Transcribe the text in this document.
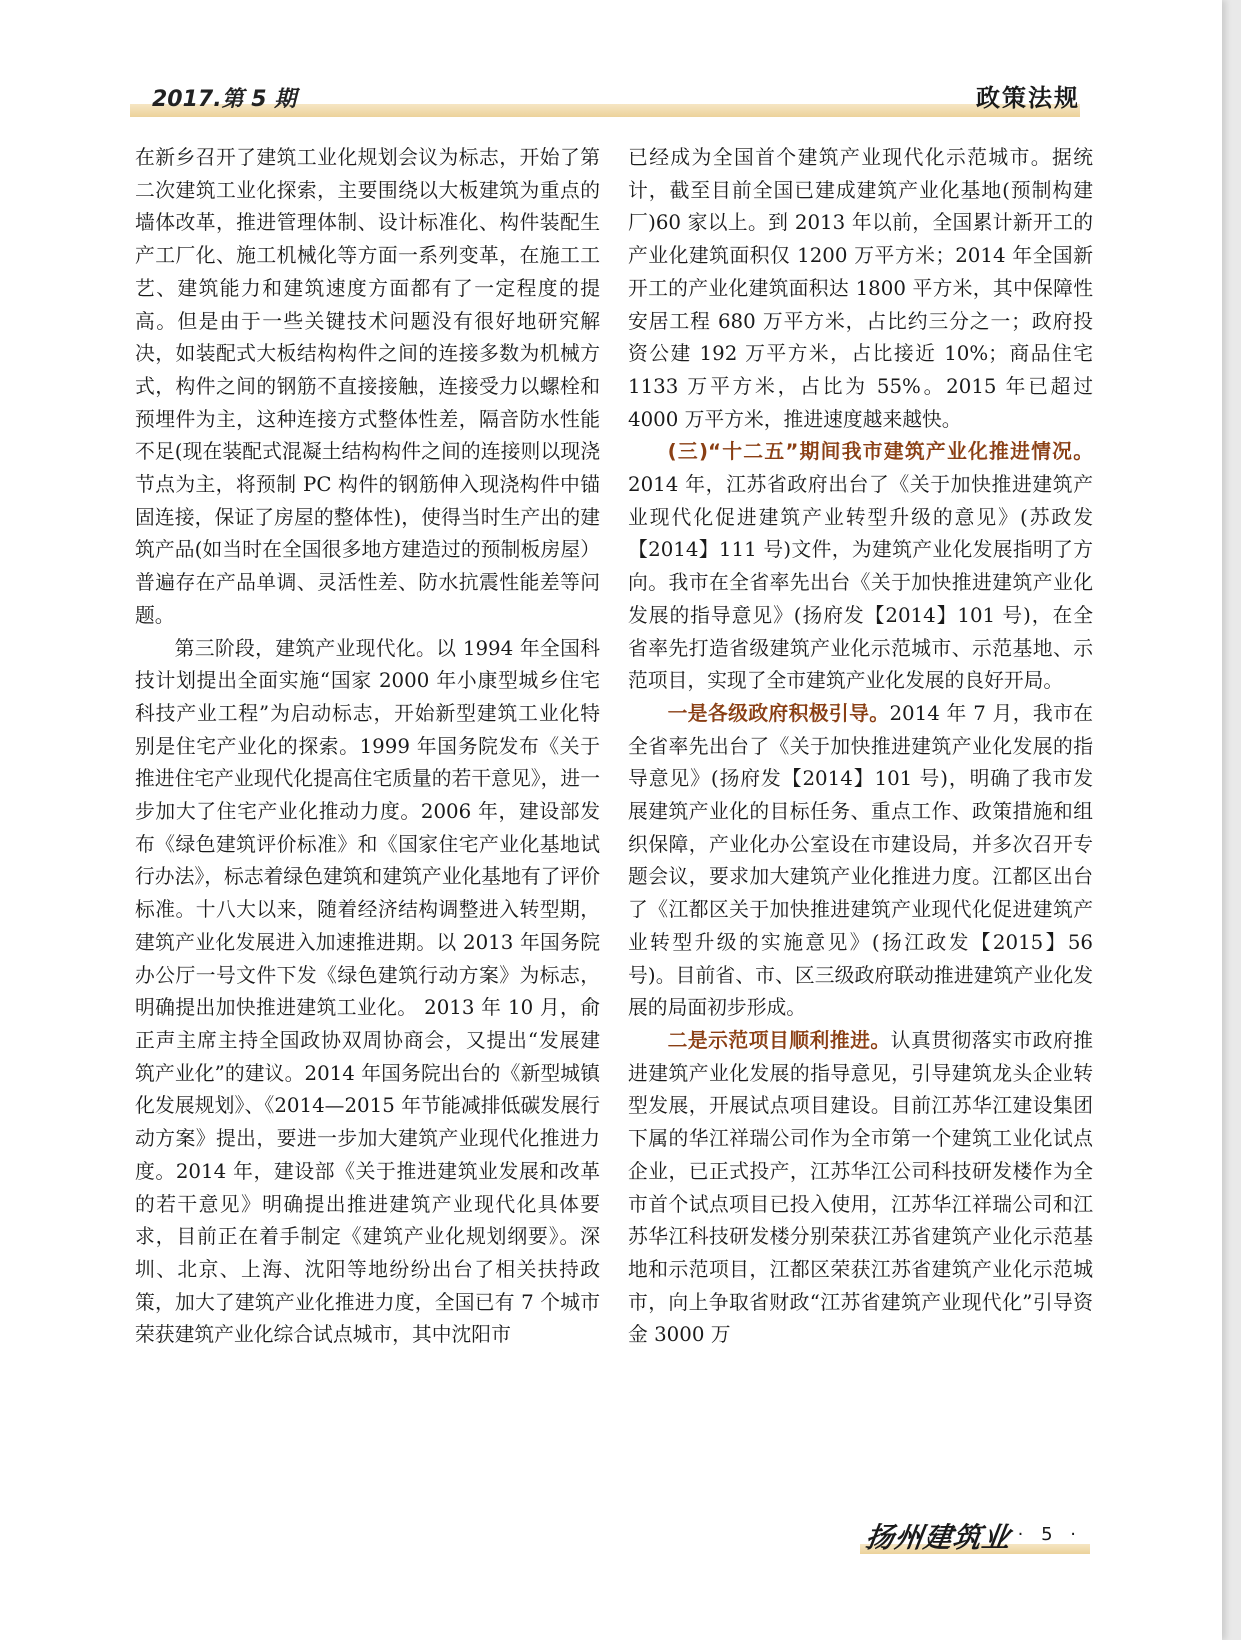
2017.第 5 期	政策法规

在新乡召开了建筑工业化规划会议为标志，开始了第二次建筑工业化探索，主要围绕以大板建筑为重点的墙体改革，推进管理体制、设计标准化、构件装配生产工厂化、施工机械化等方面一系列变革，在施工工艺、建筑能力和建筑速度方面都有了一定程度的提高。但是由于一些关键技术问题没有很好地研究解决，如装配式大板结构构件之间的连接多数为机械方式，构件之间的钢筋不直接接触，连接受力以螺栓和预埋件为主，这种连接方式整体性差，隔音防水性能不足(现在装配式混凝土结构构件之间的连接则以现浇节点为主，将预制 PC 构件的钢筋伸入现浇构件中锚固连接，保证了房屋的整体性)，使得当时生产出的建筑产品(如当时在全国很多地方建造过的预制板房屋）普遍存在产品单调、灵活性差、防水抗震性能差等问题。

第三阶段，建筑产业现代化。以 1994 年全国科技计划提出全面实施“国家 2000 年小康型城乡住宅科技产业工程”为启动标志，开始新型建筑工业化特别是住宅产业化的探索。1999 年国务院发布《关于推进住宅产业现代化提高住宅质量的若干意见》，进一步加大了住宅产业化推动力度。2006 年，建设部发布《绿色建筑评价标准》和《国家住宅产业化基地试行办法》，标志着绿色建筑和建筑产业化基地有了评价标准。十八大以来，随着经济结构调整进入转型期，建筑产业化发展进入加速推进期。以 2013 年国务院办公厅一号文件下发《绿色建筑行动方案》为标志，明确提出加快推进建筑工业化。 2013 年 10 月，俞正声主席主持全国政协双周协商会，又提出“发展建筑产业化”的建议。2014 年国务院出台的《新型城镇化发展规划》、《2014—2015 年节能减排低碳发展行动方案》提出，要进一步加大建筑产业现代化推进力度。2014 年，建设部《关于推进建筑业发展和改革的若干意见》明确提出推进建筑产业现代化具体要求，目前正在着手制定《建筑产业化规划纲要》。深圳、北京、上海、沈阳等地纷纷出台了相关扶持政策，加大了建筑产业化推进力度，全国已有 7 个城市荣获建筑产业化综合试点城市，其中沈阳市

已经成为全国首个建筑产业现代化示范城市。据统计，截至目前全国已建成建筑产业化基地(预制构建厂)60 家以上。到 2013 年以前，全国累计新开工的产业化建筑面积仅 1200 万平方米；2014 年全国新开工的产业化建筑面积达 1800 平方米，其中保障性安居工程 680 万平方米，占比约三分之一；政府投资公建 192 万平方米，占比接近 10%；商品住宅 1133 万平方米，占比为 55%。2015 年已超过 4000 万平方米，推进速度越来越快。

(三)“十二五”期间我市建筑产业化推进情况。2014 年，江苏省政府出台了《关于加快推进建筑产业现代化促进建筑产业转型升级的意见》(苏政发【2014】111 号)文件，为建筑产业化发展指明了方向。我市在全省率先出台《关于加快推进建筑产业化发展的指导意见》(扬府发【2014】101 号)，在全省率先打造省级建筑产业化示范城市、示范基地、示范项目，实现了全市建筑产业化发展的良好开局。

一是各级政府积极引导。2014 年 7 月，我市在全省率先出台了《关于加快推进建筑产业化发展的指导意见》(扬府发【2014】101 号)，明确了我市发展建筑产业化的目标任务、重点工作、政策措施和组织保障，产业化办公室设在市建设局，并多次召开专题会议，要求加大建筑产业化推进力度。江都区出台了《江都区关于加快推进建筑产业现代化促进建筑产业转型升级的实施意见》(扬江政发【2015】56 号)。目前省、市、区三级政府联动推进建筑产业化发展的局面初步形成。

二是示范项目顺利推进。认真贯彻落实市政府推进建筑产业化发展的指导意见，引导建筑龙头企业转型发展，开展试点项目建设。目前江苏华江建设集团下属的华江祥瑞公司作为全市第一个建筑工业化试点企业，已正式投产，江苏华江公司科技研发楼作为全市首个试点项目已投入使用，江苏华江祥瑞公司和江苏华江科技研发楼分别荣获江苏省建筑产业化示范基地和示范项目，江都区荣获江苏省建筑产业化示范城市，向上争取省财政“江苏省建筑产业现代化”引导资金 3000 万

扬州建筑业 · 5 ·
